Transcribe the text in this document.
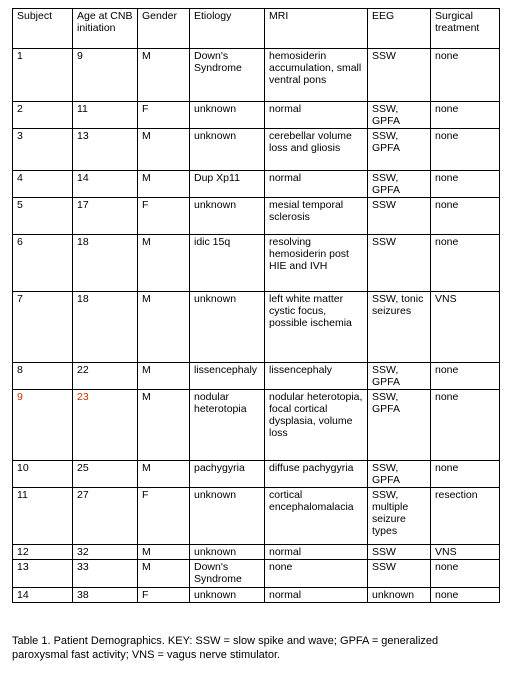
Subject	Age at CNB initiation	Gender	Etiology	MRI	EEG	Surgical treatment
1	9	M	Down's Syndrome	hemosiderin accumulation, small ventral pons	SSW	none
2	11	F	unknown	normal	SSW, GPFA	none
3	13	M	unknown	cerebellar volume loss and gliosis	SSW, GPFA	none
4	14	M	Dup Xp11	normal	SSW, GPFA	none
5	17	F	unknown	mesial temporal sclerosis	SSW	none
6	18	M	idic 15q	resolving hemosiderin post HIE and IVH	SSW	none
7	18	M	unknown	left white matter cystic focus, possible ischemia	SSW, tonic seizures	VNS
8	22	M	lissencephaly	lissencephaly	SSW, GPFA	none
9	23	M	nodular heterotopia	nodular heterotopia, focal cortical dysplasia, volume loss	SSW, GPFA	none
10	25	M	pachygyria	diffuse pachygyria	SSW, GPFA	none
11	27	F	unknown	cortical encephalomalacia	SSW, multiple seizure types	resection
12	32	M	unknown	normal	SSW	VNS
13	33	M	Down's Syndrome	none	SSW	none
14	38	F	unknown	normal	unknown	none
Table 1. Patient Demographics. KEY: SSW = slow spike and wave; GPFA = generalized paroxysmal fast activity; VNS = vagus nerve stimulator.
